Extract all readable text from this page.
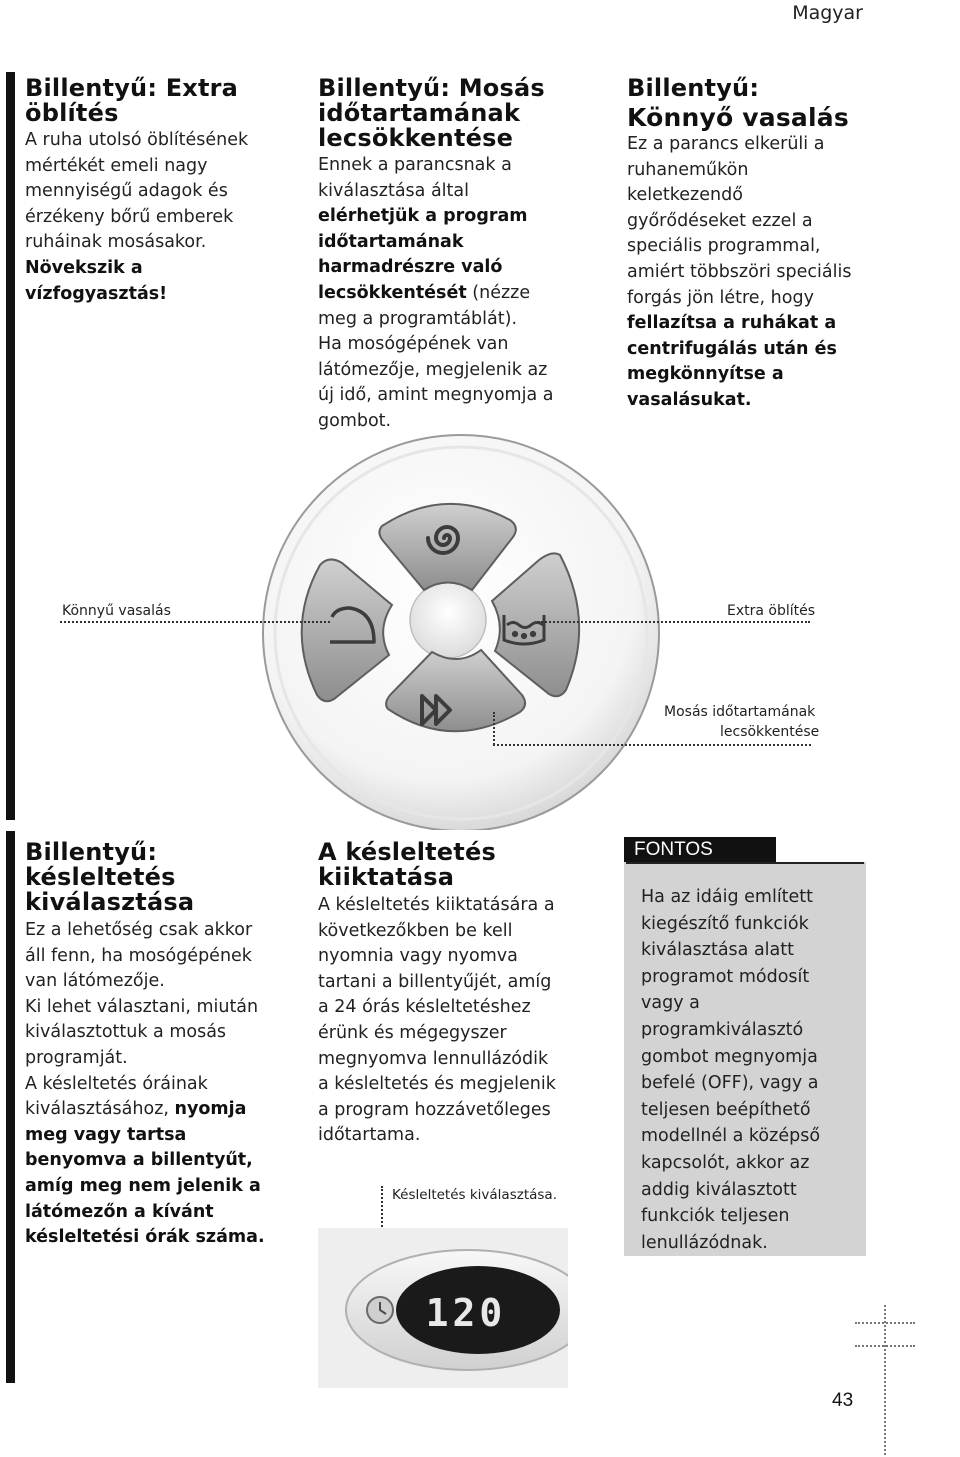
Magyar
Billentyű: Extra öblítés

A ruha utolsó öblítésének mértékét emeli nagy mennyiségű adagok és érzékeny bőrű emberek ruháinak mosásakor. Növekszik a vízfogyasztás!

Billentyű: Mosás időtartamának lecsökkentése

Ennek a parancsnak a kiválasztása által elérhetjük a program időtartamának harmadrészre való lecsökkentését (nézze meg a programtáblát).

Ha mosógépének van látómezője, megjelenik az új idő, amint megnyomja a gombot.

Billentyű:
Könnyő vasalás

Ez a parancs elkerüli a ruhaneműkön keletkezendő győrődéseket ezzel a speciális programmal, amiért többszöri speciális forgás jön létre, hogy fellazítsa a ruhákat a centrifugálás után és megkönnyítse a vasalásukat.

Könnyű vasalás	Extra öblítés
Mosás időtartamának
lecsökkentése
Billentyű: késleltetés kiválasztása

Ez a lehetőség csak akkor áll fenn, ha mosógépének van látómezője.

Ki lehet választani, miután kiválasztottuk a mosás programját.

A késleltetés óráinak kiválasztásához, nyomja meg vagy tartsa benyomva a billentyűt, amíg meg nem jelenik a látómezőn a kívánt késleltetési órák száma.

A késleltetés kiiktatása

A késleltetés kiiktatására a következőkben be kell nyomnia vagy nyomva tartani a billentyűjét, amíg a 24 órás késleltetéshez érünk és mégegyszer megnyomva lennullázódik a késleltetés és megjelenik a program hozzávetőleges időtartama.

Késleltetés kiválasztása.
120
FONTOS
Ha az idáig említett kiegészítő funkciók kiválasztása alatt programot módosít vagy a programkiválasztó gombot megnyomja befelé (OFF), vagy a teljesen beépíthető modellnél a középső kapcsolót, akkor az addig kiválasztott funkciók teljesen lenullázódnak.
43
